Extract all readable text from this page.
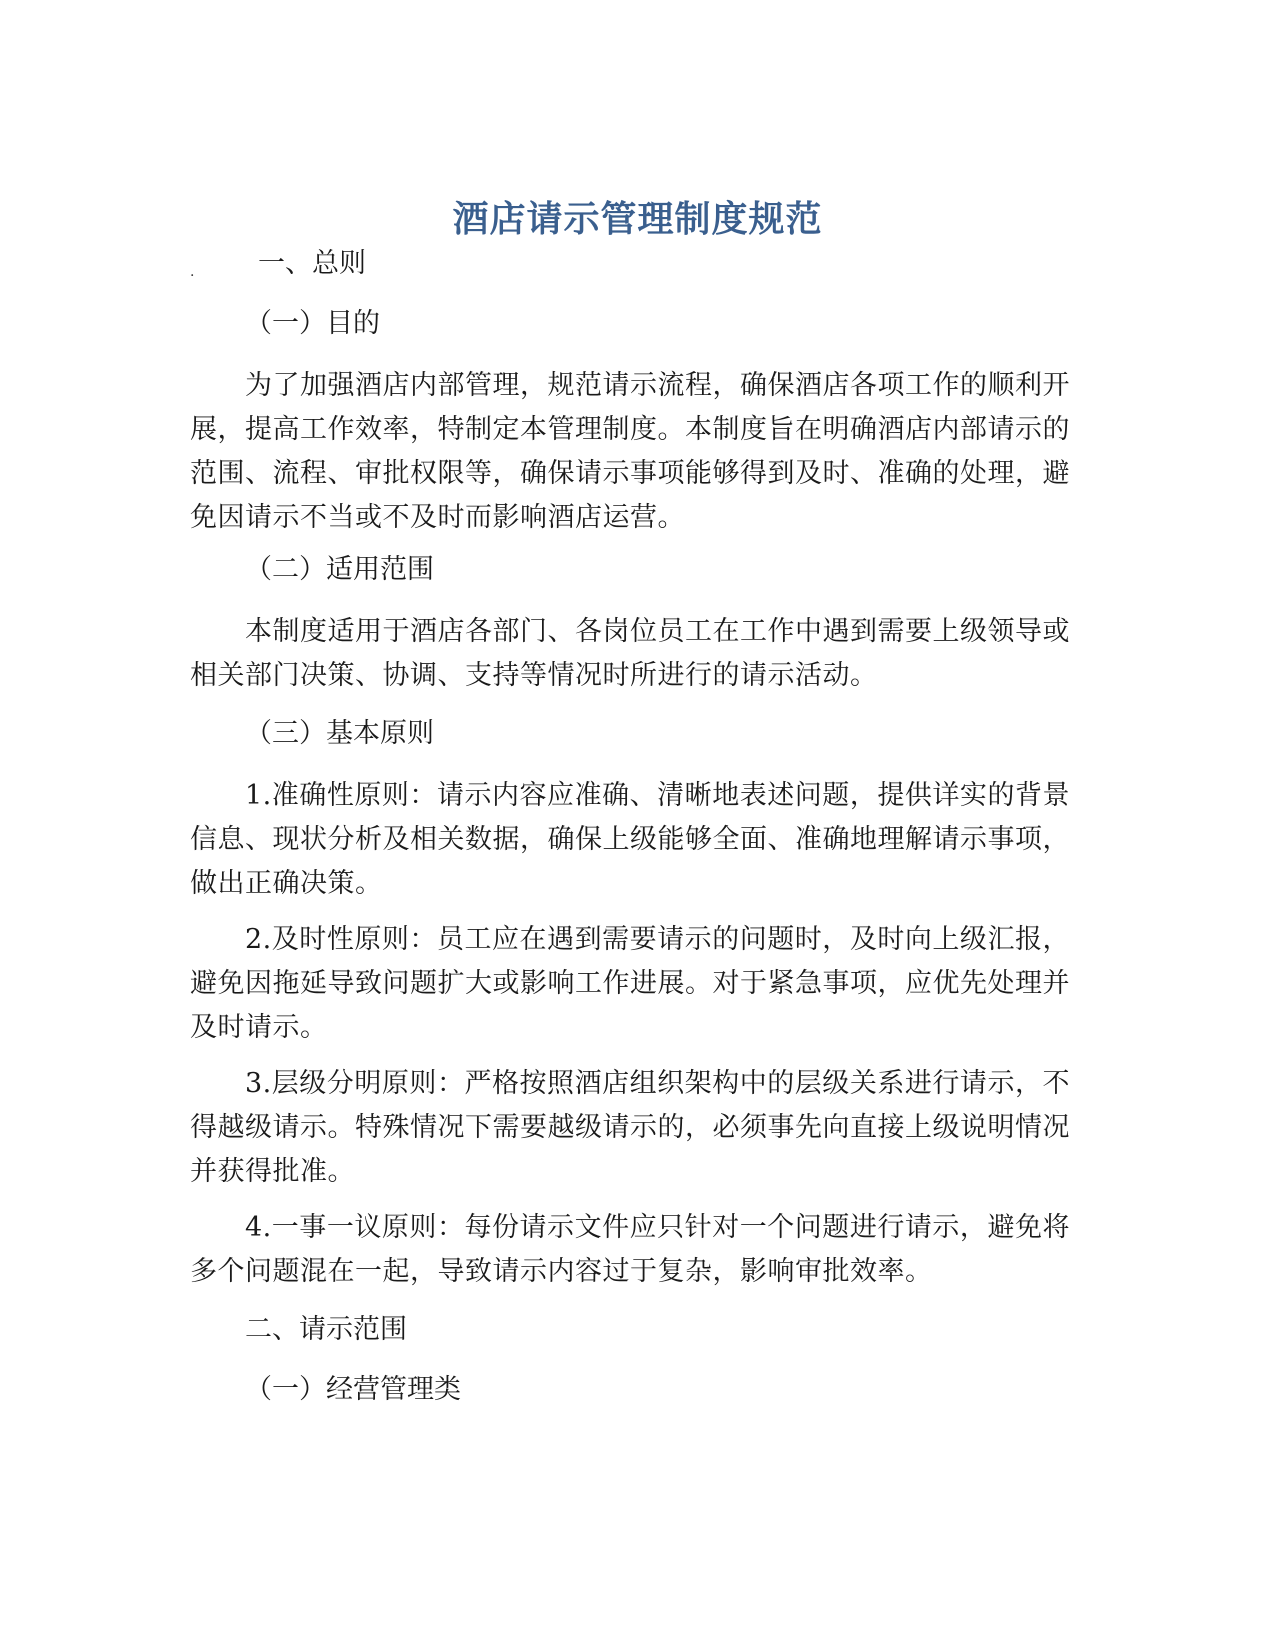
酒店请示管理制度规范
· 一、总则
（一）目的
为了加强酒店内部管理，规范请示流程，确保酒店各项工作的顺利开展，提高工作效率，特制定本管理制度。本制度旨在明确酒店内部请示的范围、流程、审批权限等，确保请示事项能够得到及时、准确的处理，避免因请示不当或不及时而影响酒店运营。
（二）适用范围
本制度适用于酒店各部门、各岗位员工在工作中遇到需要上级领导或相关部门决策、协调、支持等情况时所进行的请示活动。
（三）基本原则
1.准确性原则：请示内容应准确、清晰地表述问题，提供详实的背景信息、现状分析及相关数据，确保上级能够全面、准确地理解请示事项，做出正确决策。
2.及时性原则：员工应在遇到需要请示的问题时，及时向上级汇报，避免因拖延导致问题扩大或影响工作进展。对于紧急事项，应优先处理并及时请示。
3.层级分明原则：严格按照酒店组织架构中的层级关系进行请示，不得越级请示。特殊情况下需要越级请示的，必须事先向直接上级说明情况并获得批准。
4.一事一议原则：每份请示文件应只针对一个问题进行请示，避免将多个问题混在一起，导致请示内容过于复杂，影响审批效率。
二、请示范围
（一）经营管理类
